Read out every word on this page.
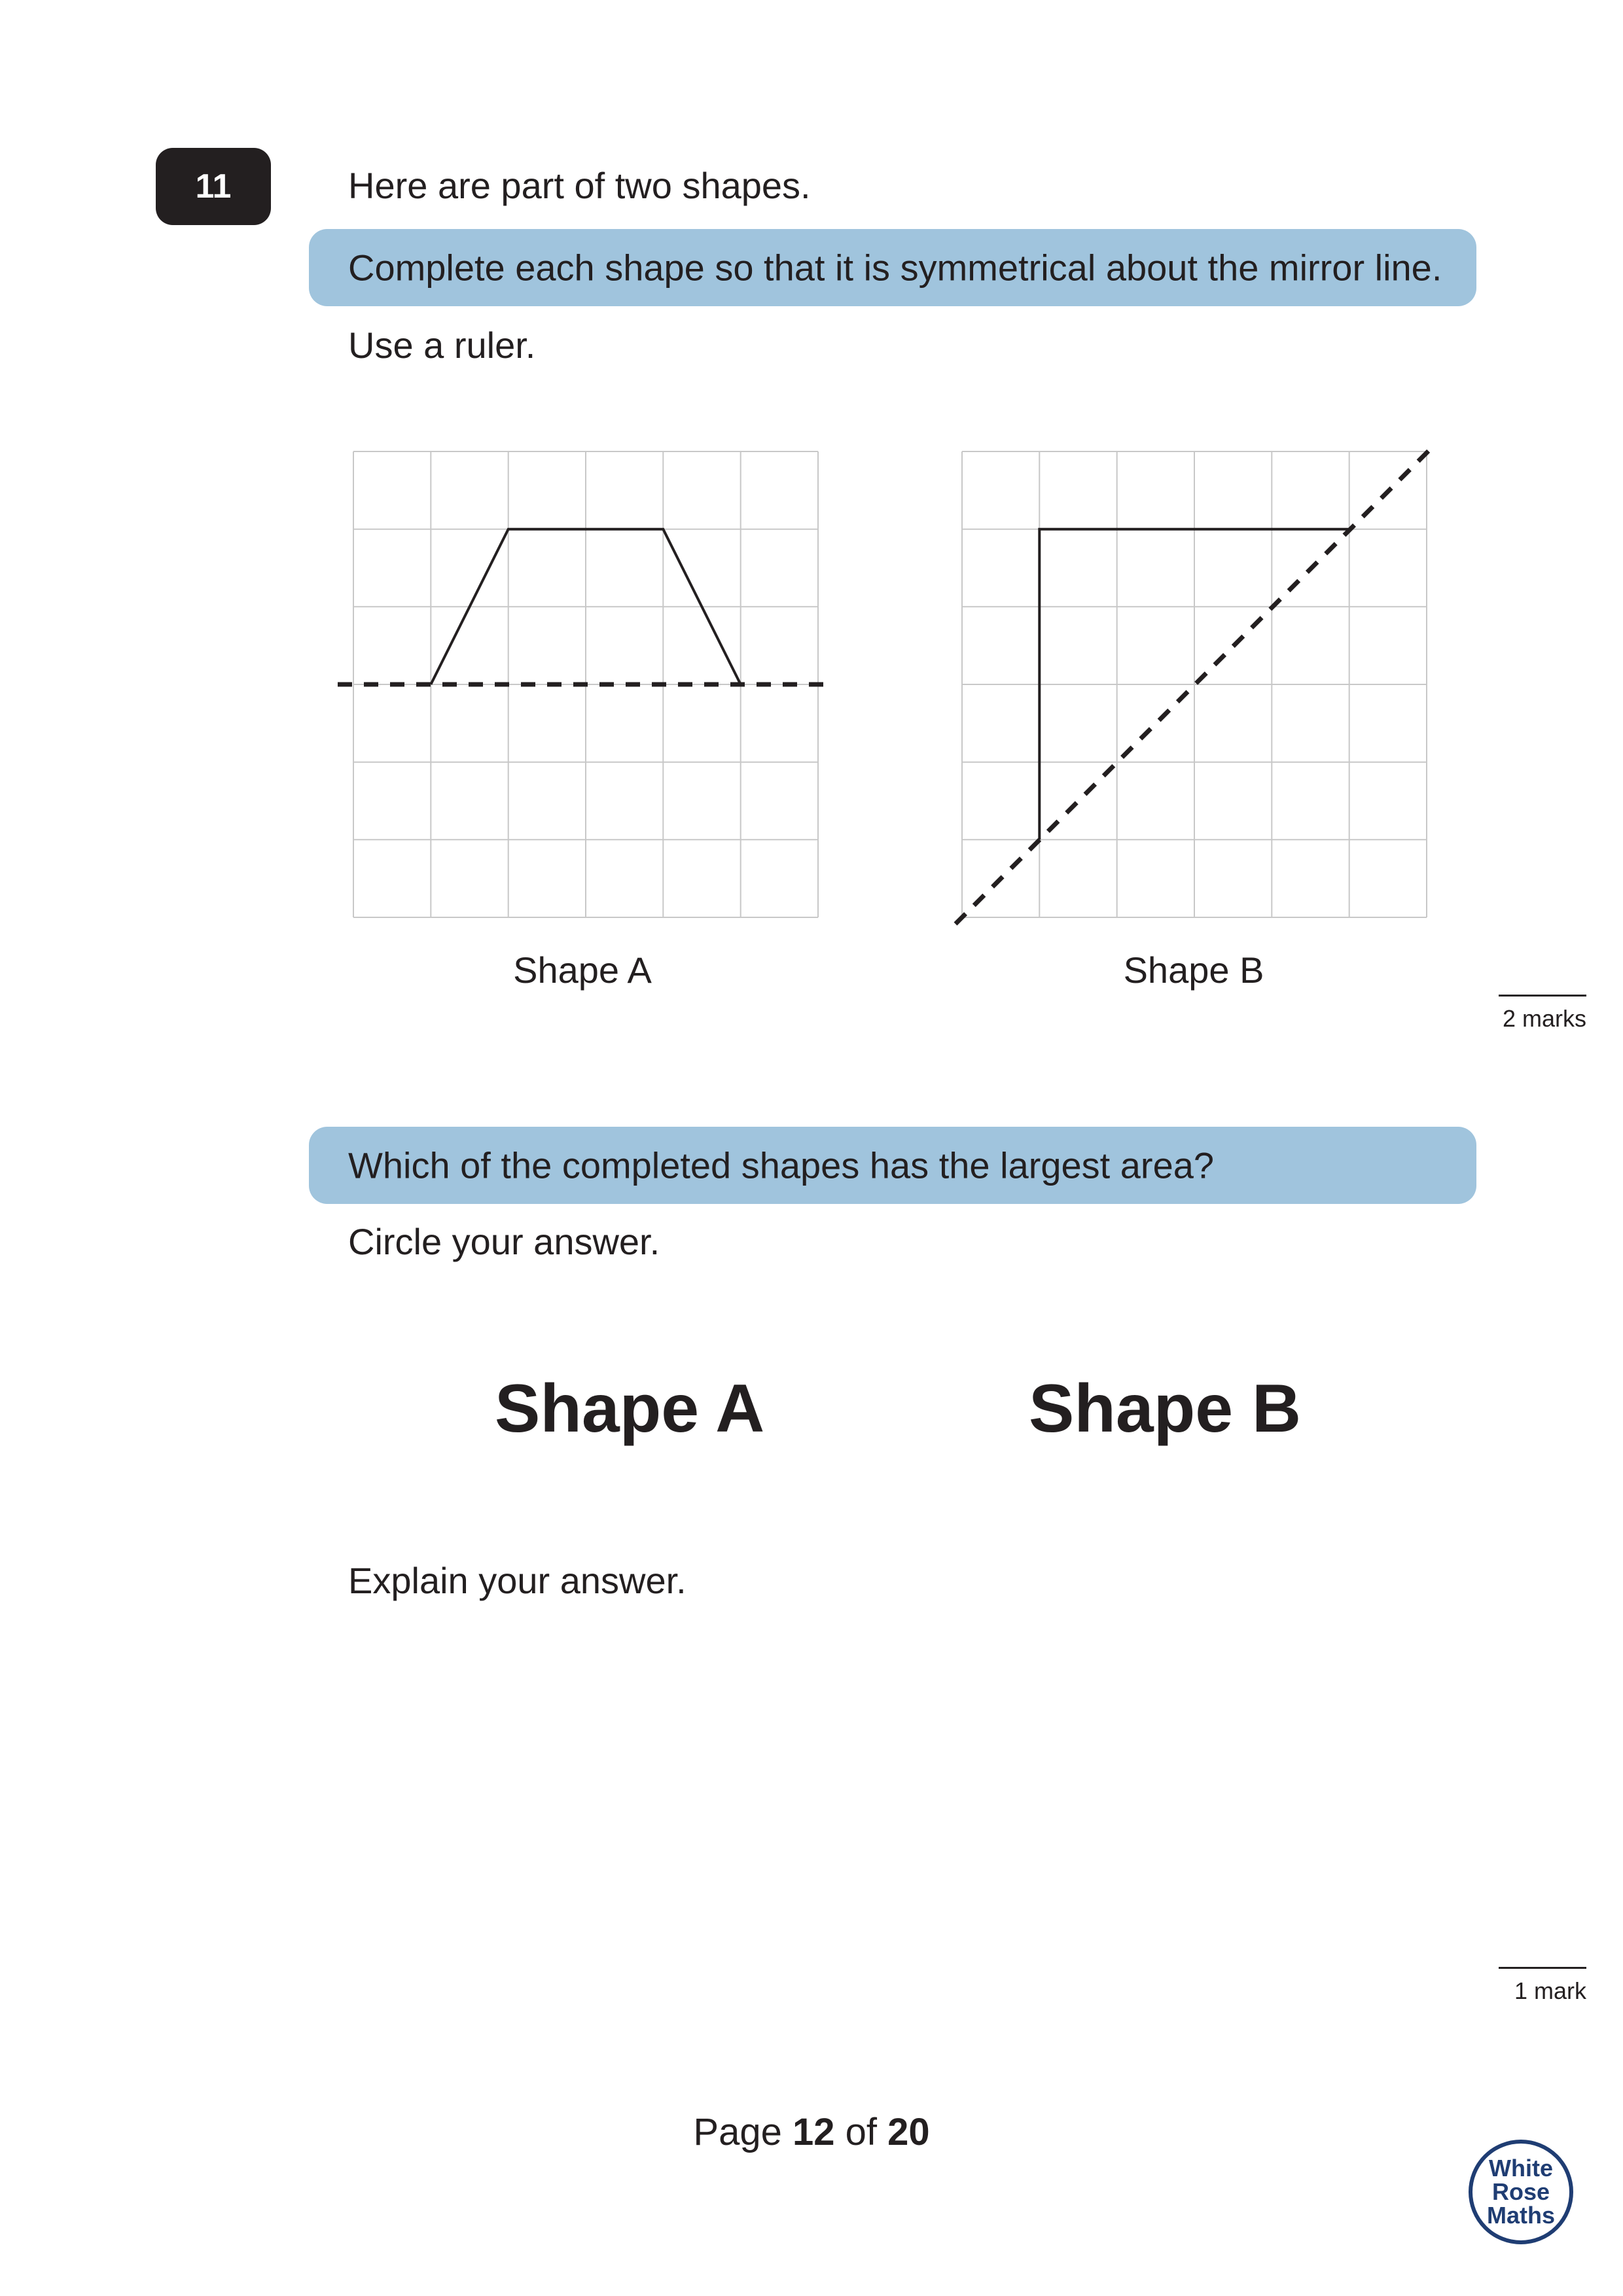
11	Here are part of two shapes.
Complete each shape so that it is symmetrical about the mirror line.
Use a ruler.
Shape A	Shape B
2 marks
Which of the completed shapes has the largest area?
Circle your answer.
Shape A	Shape B
Explain your answer.
1 mark
Page 12 of 20
White
Rose
Maths
